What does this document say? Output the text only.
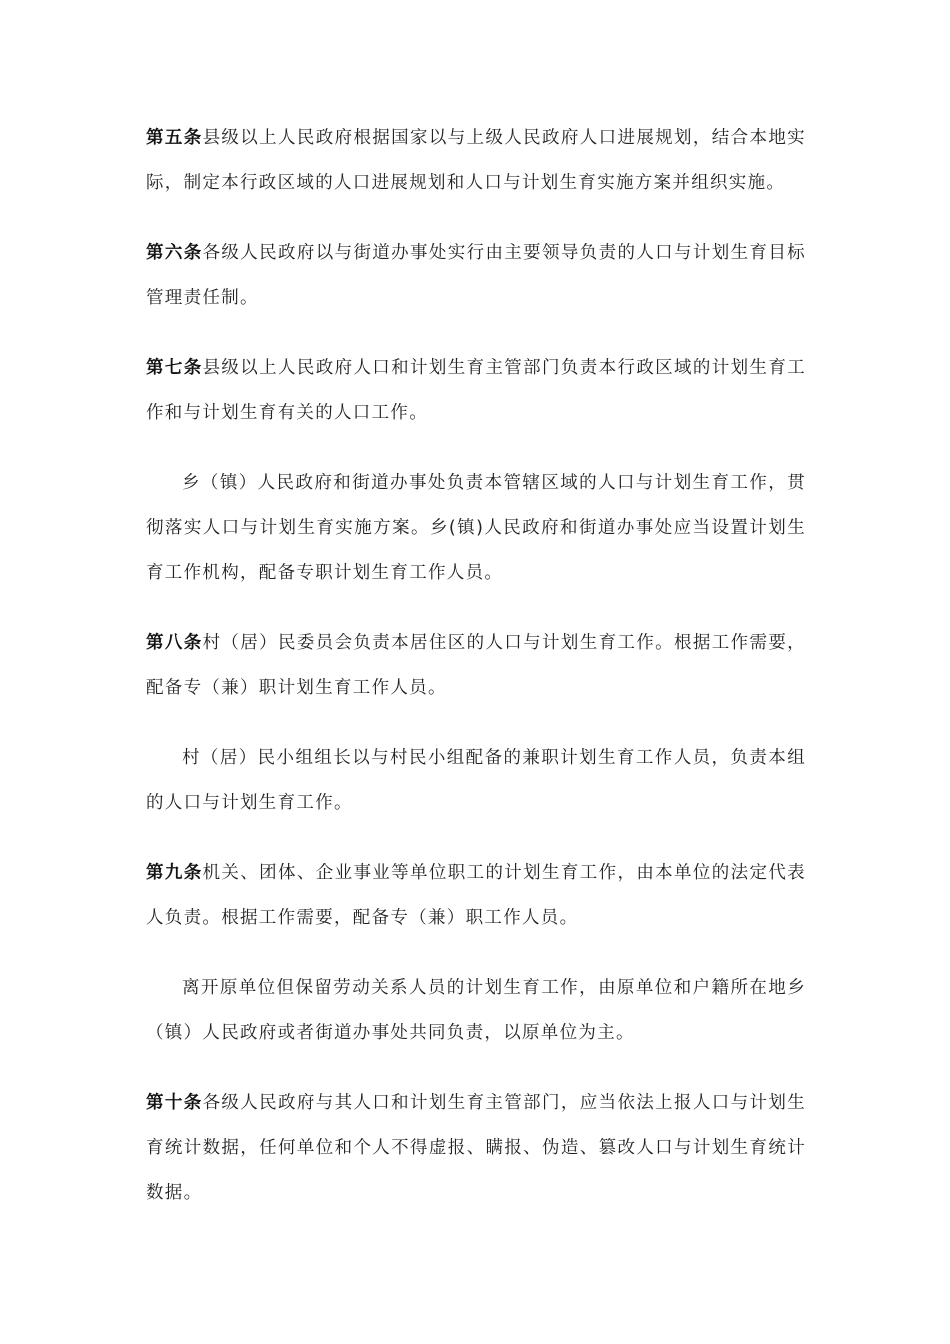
第五条县级以上人民政府根据国家以与上级人民政府人口进展规划，结合本地实际，制定本行政区域的人口进展规划和人口与计划生育实施方案并组织实施。

第六条各级人民政府以与街道办事处实行由主要领导负责的人口与计划生育目标管理责任制。

第七条县级以上人民政府人口和计划生育主管部门负责本行政区域的计划生育工作和与计划生育有关的人口工作。

乡（镇）人民政府和街道办事处负责本管辖区域的人口与计划生育工作，贯彻落实人口与计划生育实施方案。乡(镇)人民政府和街道办事处应当设置计划生育工作机构，配备专职计划生育工作人员。

第八条村（居）民委员会负责本居住区的人口与计划生育工作。根据工作需要，配备专（兼）职计划生育工作人员。

村（居）民小组组长以与村民小组配备的兼职计划生育工作人员，负责本组的人口与计划生育工作。

第九条机关、团体、企业事业等单位职工的计划生育工作，由本单位的法定代表人负责。根据工作需要，配备专（兼）职工作人员。

离开原单位但保留劳动关系人员的计划生育工作，由原单位和户籍所在地乡（镇）人民政府或者街道办事处共同负责，以原单位为主。

第十条各级人民政府与其人口和计划生育主管部门，应当依法上报人口与计划生育统计数据，任何单位和个人不得虚报、瞒报、伪造、篡改人口与计划生育统计数据。
